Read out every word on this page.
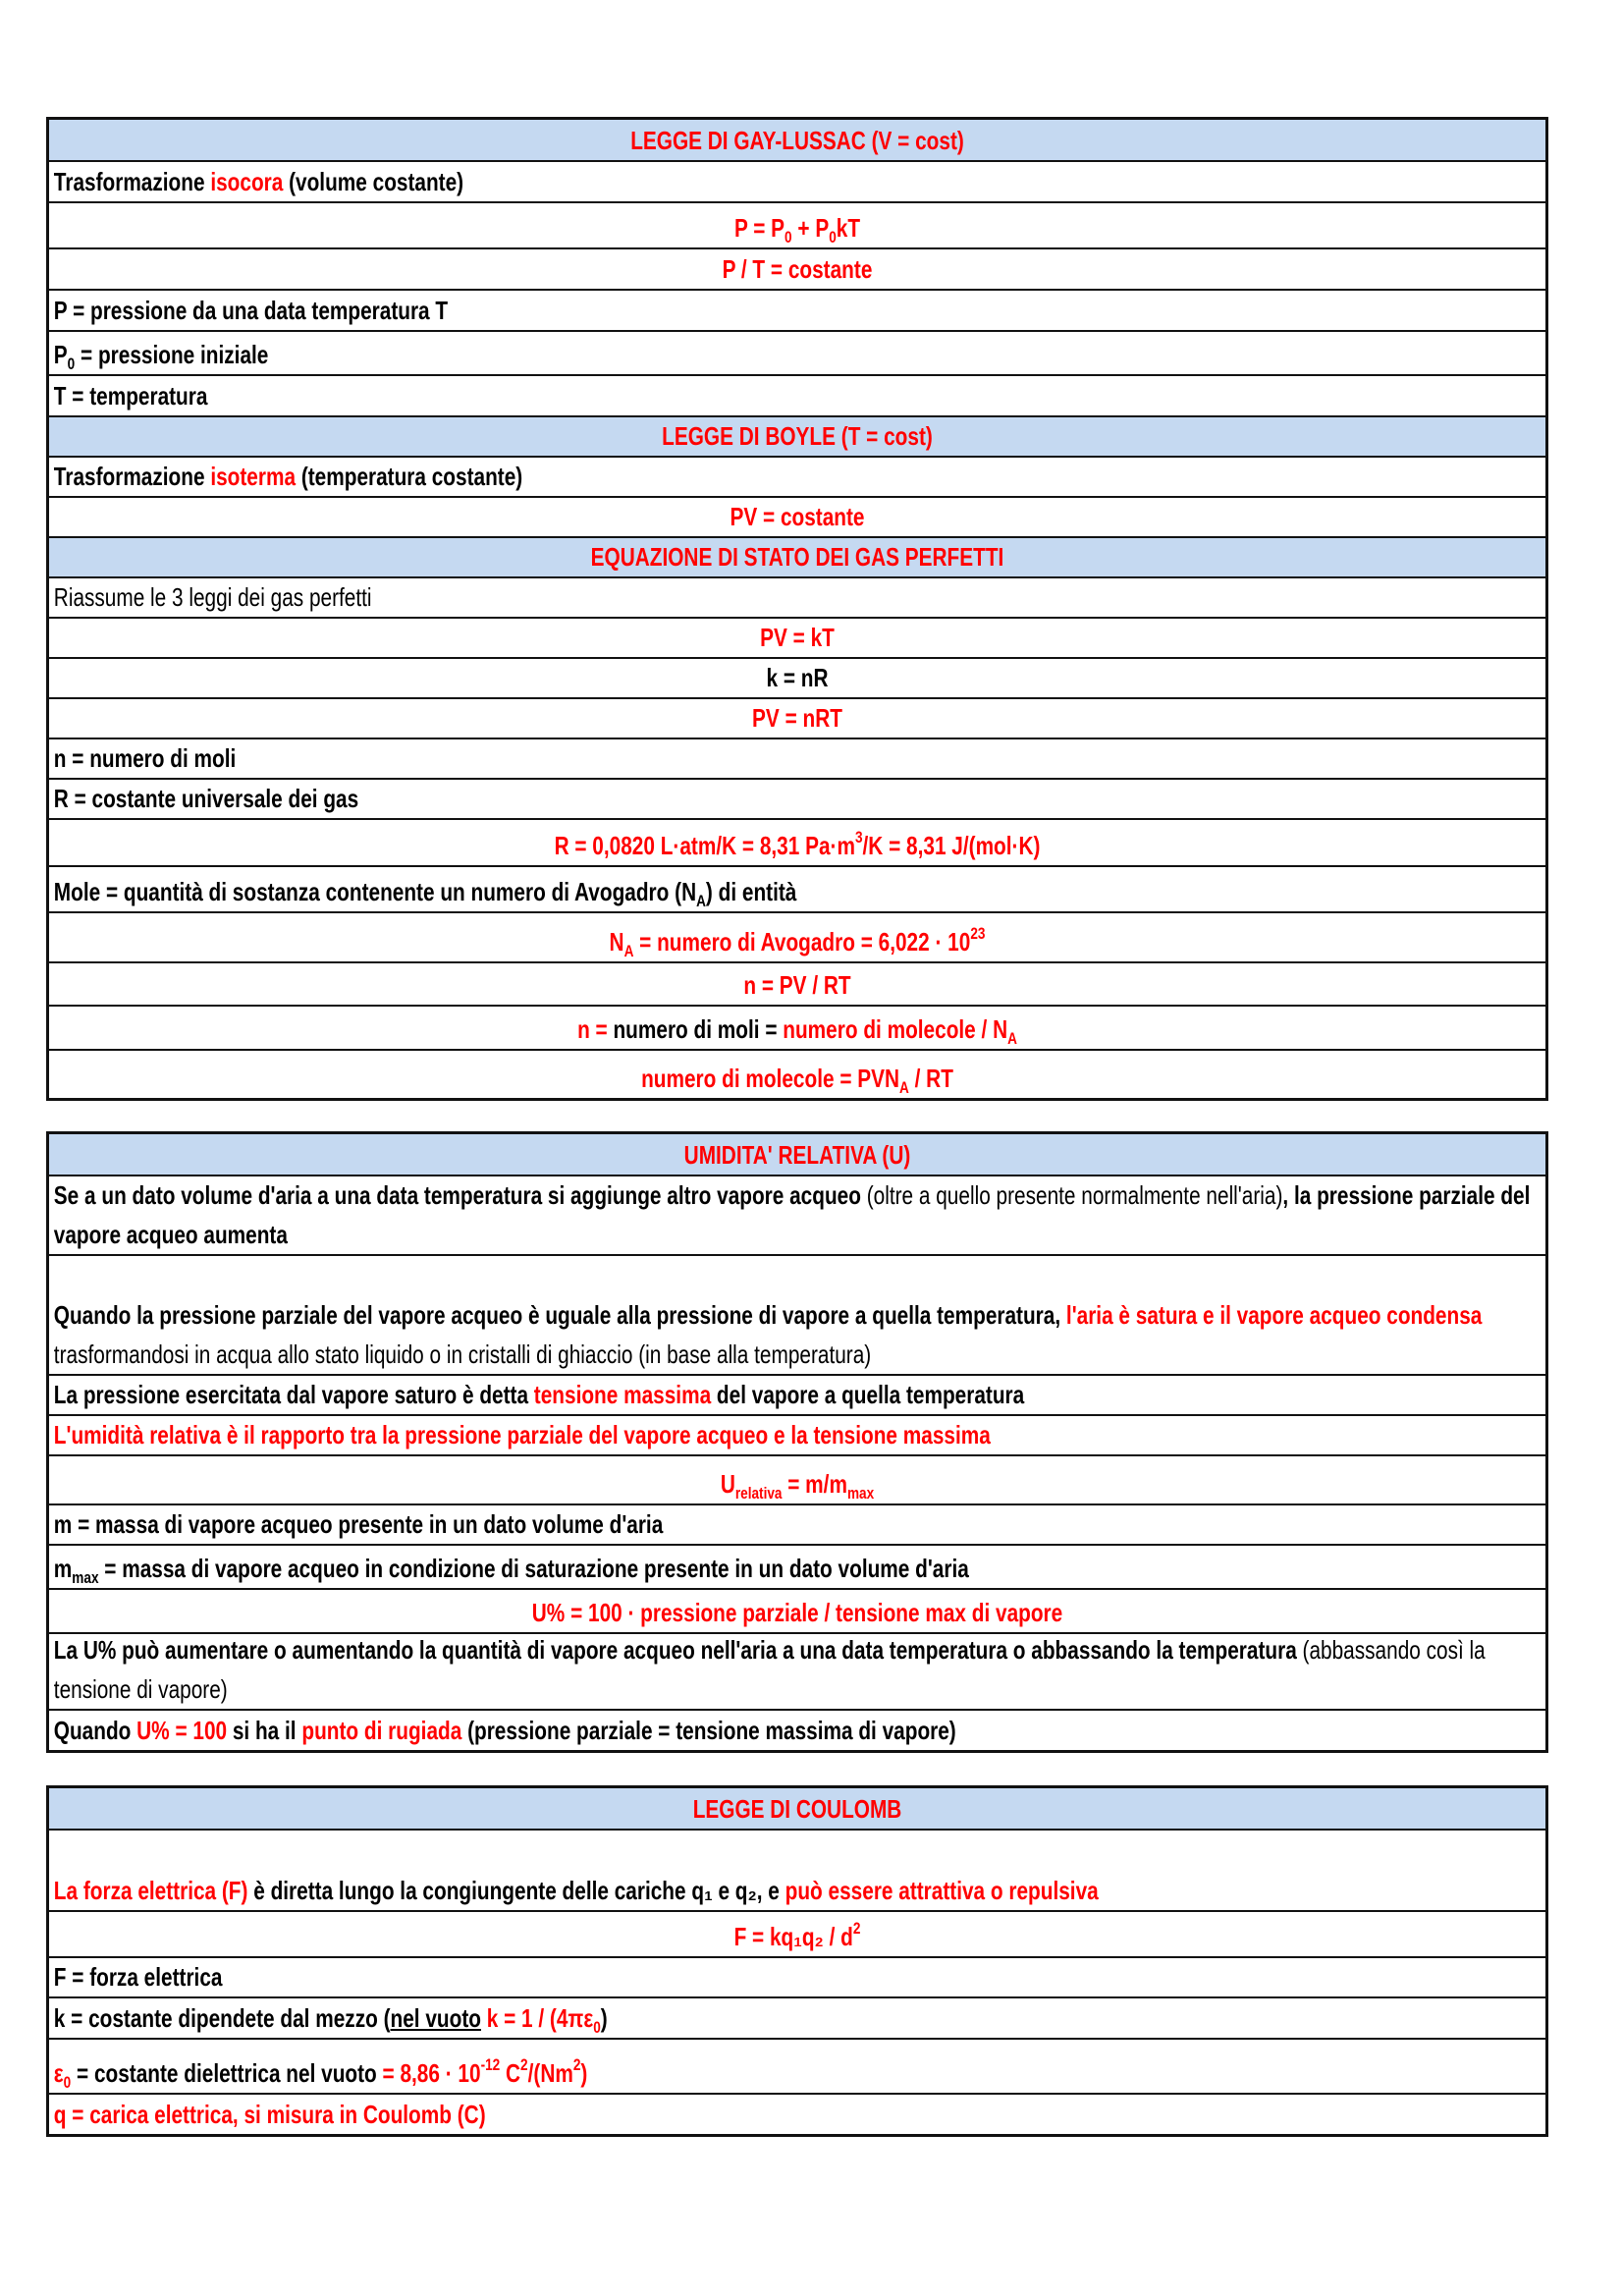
LEGGE DI GAY-LUSSAC (V = cost)
Trasformazione isocora (volume costante)
$P = P_0 + P_0kT$
P / T = costante
P = pressione da una data temperatura T
$P_0$ = pressione iniziale
T = temperatura
LEGGE DI BOYLE (T = cost)
Trasformazione isoterma (temperatura costante)
PV = costante
EQUAZIONE DI STATO DEI GAS PERFETTI
Riassume le 3 leggi dei gas perfetti
PV = kT
k = nR
PV = nRT
n = numero di moli
R = costante universale dei gas
R = 0,0820 L·atm/K = 8,31 $Pa\cdot m^3/K = 8,31$ J/(mol·K)
Mole = quantità di sostanza contenente un numero di Avogadro $(N_A)$ di entità
$N_A$ = numero di Avogadro = $6,022 \cdot 10^{23}$
n = PV / RT
n = numero di moli = numero di molecole / $N_A$
numero di molecole = $PVN_A$ / RT
UMIDITA' RELATIVA (U)
Se a un dato volume d'aria a una data temperatura si aggiunge altro vapore acqueo (oltre a quello presente normalmente nell'aria), la pressione parziale del vapore acqueo aumenta
Quando la pressione parziale del vapore acqueo è uguale alla pressione di vapore a quella temperatura, l'aria è satura e il vapore acqueo condensa trasformandosi in acqua allo stato liquido o in cristalli di ghiaccio (in base alla temperatura)
La pressione esercitata dal vapore saturo è detta tensione massima del vapore a quella temperatura
L'umidità relativa è il rapporto tra la pressione parziale del vapore acqueo e la tensione massima
$U_{relativa} = m/m_{max}$
m = massa di vapore acqueo presente in un dato volume d'aria
$m_{max}$ = massa di vapore acqueo in condizione di saturazione presente in un dato volume d'aria
U% = 100 · pressione parziale / tensione max di vapore
La U% può aumentare o aumentando la quantità di vapore acqueo nell'aria a una data temperatura o abbassando la temperatura (abbassando così la tensione di vapore)
Quando U% = 100 si ha il punto di rugiada (pressione parziale = tensione massima di vapore)
LEGGE DI COULOMB
La forza elettrica (F) è diretta lungo la congiungente delle cariche q₁ e q₂, e può essere attrattiva o repulsiva
$F = kq_1q_2 / d^2$
F = forza elettrica
k = costante dipendete dal mezzo (nel vuoto $k = 1 / (4\pi\varepsilon_0)$
$\varepsilon_0$ = costante dielettrica nel vuoto = $8,86 \cdot 10^{-12}$ $C^2/(Nm^2)$
q = carica elettrica, si misura in Coulomb (C)
